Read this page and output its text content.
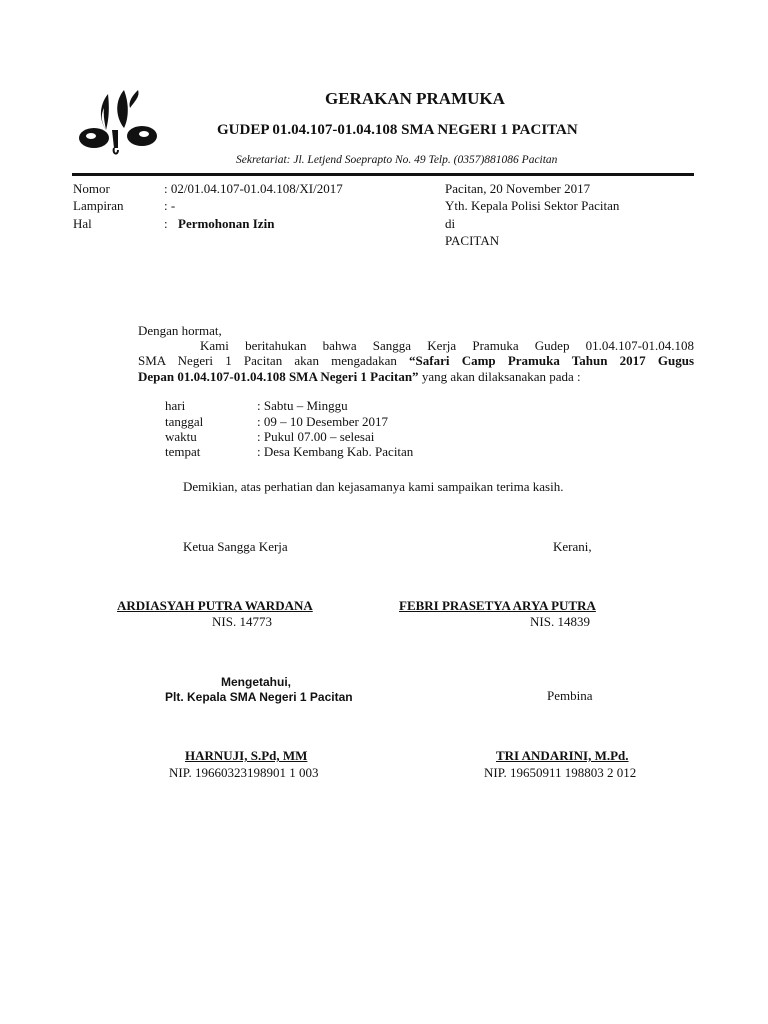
GERAKAN PRAMUKA
GUDEP 01.04.107-01.04.108 SMA NEGERI 1 PACITAN
Sekretariat: Jl. Letjend Soeprapto No. 49 Telp. (0357)881086 Pacitan
Nomor	: 02/01.04.107-01.04.108/XI/2017
Lampiran	: -
Hal	: Permohonan Izin
Pacitan, 20 November 2017
Yth. Kepala Polisi Sektor Pacitan
di
PACITAN
Dengan hormat,
Kami beritahukan bahwa Sangga Kerja Pramuka Gudep 01.04.107-01.04.108
SMA Negeri 1 Pacitan akan mengadakan “Safari Camp Pramuka Tahun 2017 Gugus
Depan 01.04.107-01.04.108 SMA Negeri 1 Pacitan” yang akan dilaksanakan pada :
hari	: Sabtu – Minggu
tanggal	: 09 – 10 Desember 2017
waktu	: Pukul 07.00 – selesai
tempat	: Desa Kembang Kab. Pacitan
Demikian, atas perhatian dan kejasamanya kami sampaikan terima kasih.
Ketua Sangga Kerja	Kerani,
ARDIASYAH PUTRA WARDANA
NIS. 14773
FEBRI PRASETYA ARYA PUTRA
NIS. 14839
Mengetahui,
Plt. Kepala SMA Negeri 1 Pacitan	Pembina
HARNUJI, S.Pd, MM
NIP. 19660323198901 1 003
TRI ANDARINI, M.Pd.
NIP. 19650911 198803 2 012
